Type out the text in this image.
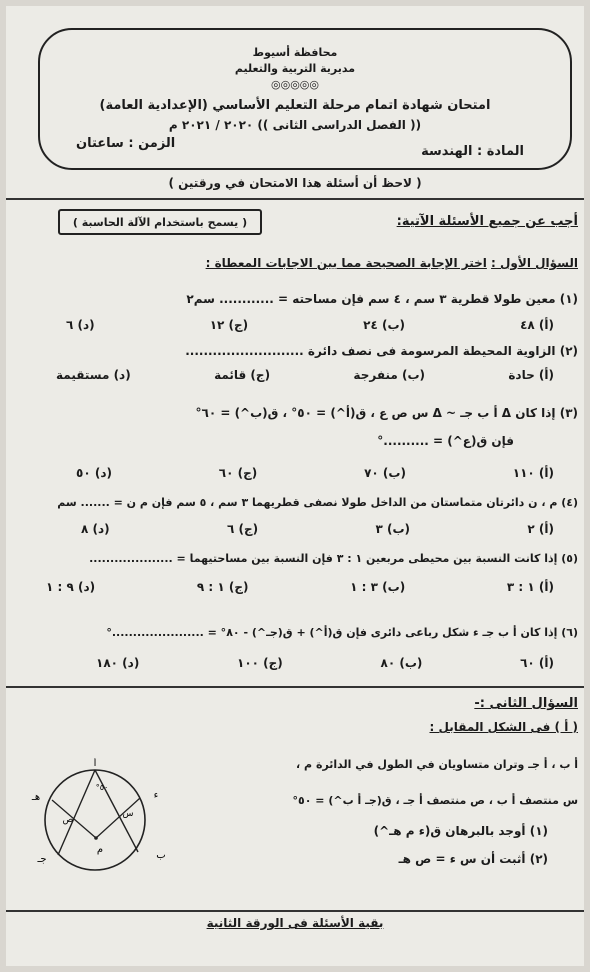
محافظة أسيوط
مديرية التربية والتعليم
◎◎◎◎◎
امتحان شهادة اتمام مرحلة التعليم الأساسي (الإعدادية العامة)
(( الفصل الدراسى الثانى )) ٢٠٢٠ / ٢٠٢١ م
المادة : الهندسة
الزمن : ساعتان
( لاحظ أن أسئلة هذا الامتحان في ورقتين )
أجب عن جميع الأسئلة الآتية:
( يسمح باستخدام الآلة الحاسبة )
السؤال الأول : اختر الإجابة الصحيحة مما بين الاجابات المعطاة :
(١) معين طولا قطرية ٣ سم ، ٤ سم فإن مساحته = ............ سم٢
(أ) ٤٨
(ب) ٢٤
(ج) ١٢
(د) ٦
(٢) الزاوية المحيطة المرسومة فى نصف دائرة ..........................
(أ) حادة
(ب) منفرجة
(ج) قائمة
(د) مستقيمة
(٣) إذا كان Δ أ ب جـ ~ Δ س ص ع ، ق(أ^) = ٥٠° ، ق(ب^) = ٦٠°
فإن ق(ع^) = ..........°
(أ) ١١٠
(ب) ٧٠
(ج) ٦٠
(د) ٥٠
(٤) م ، ن دائرتان متماستان من الداخل طولا نصفى قطريهما ٣ سم ، ٥ سم فإن م ن = ....... سم
(أ) ٢
(ب) ٣
(ج) ٦
(د) ٨
(٥) إذا كانت النسبة بين محيطى مربعين ١ : ٣ فإن النسبة بين مساحتيهما = ....................
(أ) ١ : ٣
(ب) ٣ : ١
(ج) ١ : ٩
(د) ٩ : ١
(٦) إذا كان أ ب جـ ء شكل رباعى دائرى فإن ق(أ^) + ق(جـ^) - ٨٠° = ......................°
(أ) ٦٠
(ب) ٨٠
(ج) ١٠٠
(د) ١٨٠
السؤال الثانى :-
( أ ) فى الشكل المقابل :
أ ب ، أ جـ وتران متساويان في الطول في الدائرة م ،
س منتصف أ ب ، ص منتصف أ جـ ، ق(جـ أ ب^) = ٥٠°
(١) أوجد بالبرهان ق(ء م هـ^)
(٢) أثبت أن س ء = ص هـ
أ
ب
جـ
ء
هـ
م
س
ص
٥٠°
بقية الأسئلة فى الورقة الثانية
